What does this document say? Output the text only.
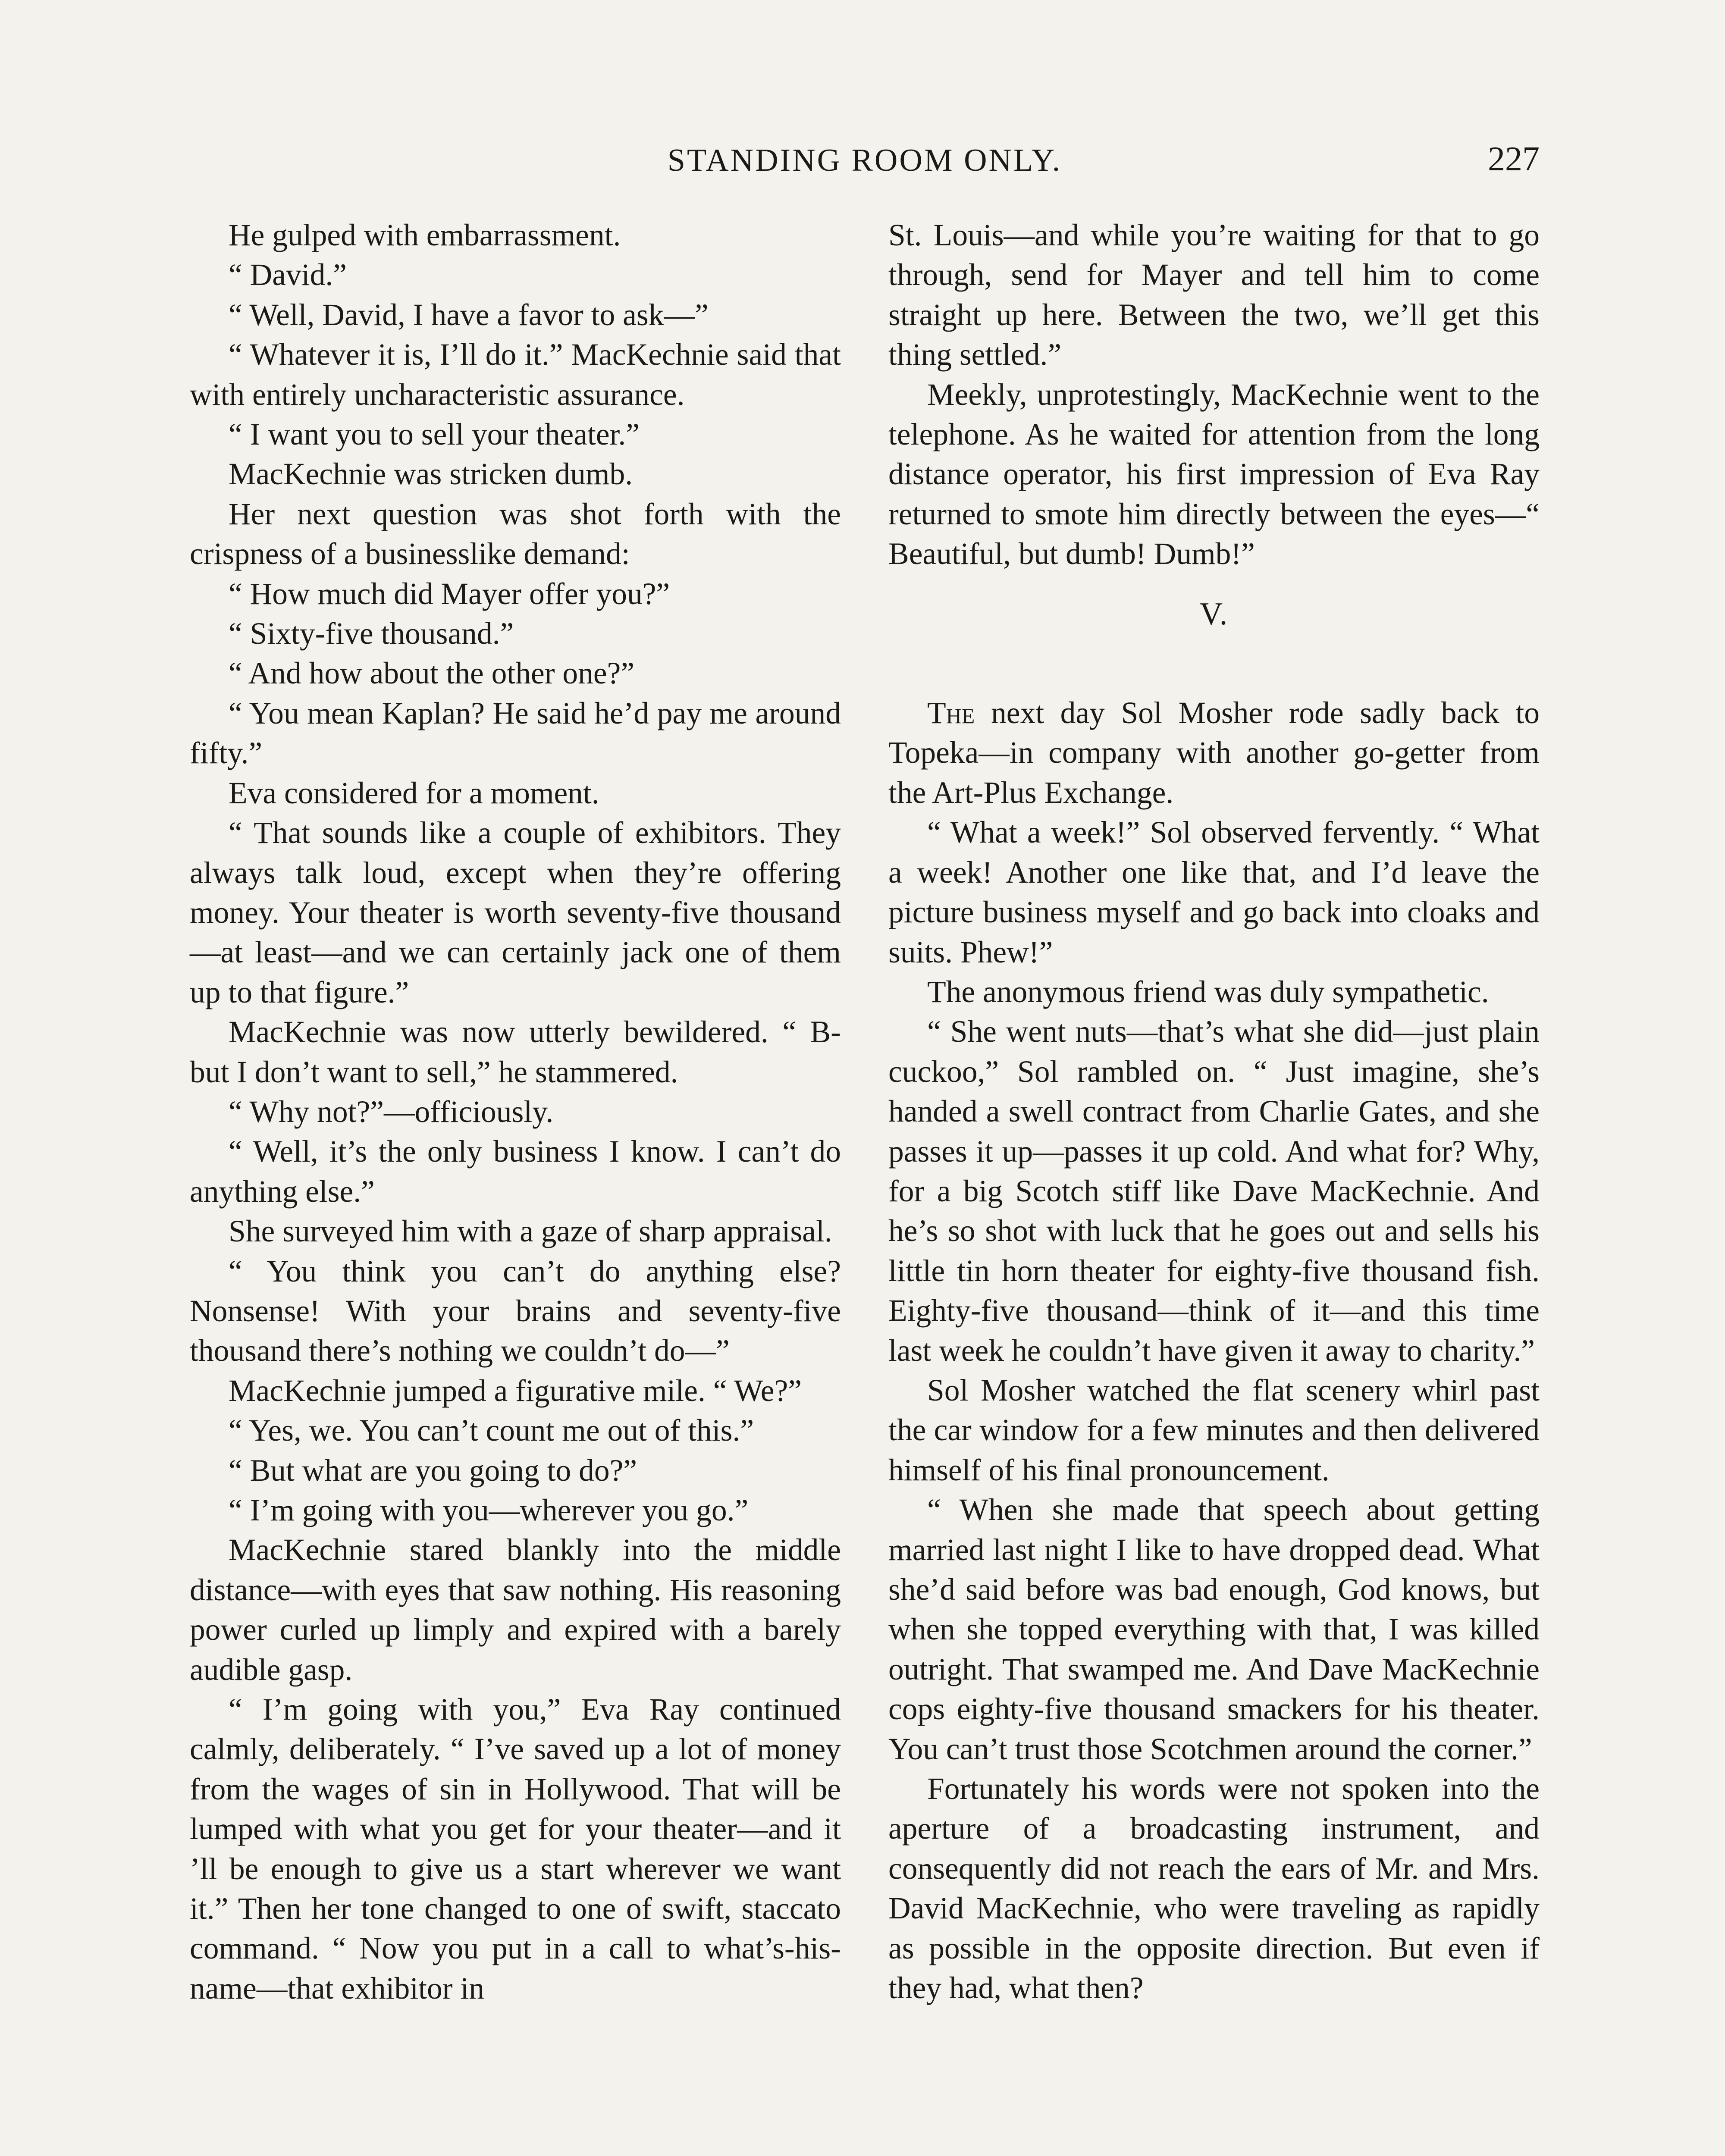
STANDING ROOM ONLY.	227

He gulped with embarrassment.

“ David.”

“ Well, David, I have a favor to ask—”

“ Whatever it is, I’ll do it.” MacKechnie said that with entirely uncharacteristic assurance.

“ I want you to sell your theater.”

MacKechnie was stricken dumb.

Her next question was shot forth with the crispness of a businesslike demand:

“ How much did Mayer offer you?”

“ Sixty-five thousand.”

“ And how about the other one?”

“ You mean Kaplan? He said he’d pay me around fifty.”

Eva considered for a moment.

“ That sounds like a couple of exhibitors. They always talk loud, except when they’re offering money. Your theater is worth seventy-five thousand—at least—and we can certainly jack one of them up to that figure.”

MacKechnie was now utterly bewildered. “ B-but I don’t want to sell,” he stammered.

“ Why not?”—officiously.

“ Well, it’s the only business I know. I can’t do anything else.”

She surveyed him with a gaze of sharp appraisal.

“ You think you can’t do anything else? Nonsense! With your brains and seventy-five thousand there’s nothing we couldn’t do—”

MacKechnie jumped a figurative mile. “ We?”

“ Yes, we. You can’t count me out of this.”

“ But what are you going to do?”

“ I’m going with you—wherever you go.”

MacKechnie stared blankly into the middle distance—with eyes that saw nothing. His reasoning power curled up limply and expired with a barely audible gasp.

“ I’m going with you,” Eva Ray continued calmly, deliberately. “ I’ve saved up a lot of money from the wages of sin in Hollywood. That will be lumped with what you get for your theater—and it ’ll be enough to give us a start wherever we want it.” Then her tone changed to one of swift, staccato command. “ Now you put in a call to what’s-his-name—that exhibitor in

St. Louis—and while you’re waiting for that to go through, send for Mayer and tell him to come straight up here. Between the two, we’ll get this thing settled.”

Meekly, unprotestingly, MacKechnie went to the telephone. As he waited for attention from the long distance operator, his first impression of Eva Ray returned to smote him directly between the eyes—“ Beautiful, but dumb! Dumb!”

V.

The next day Sol Mosher rode sadly back to Topeka—in company with another go-getter from the Art-Plus Exchange.

“ What a week!” Sol observed fervently. “ What a week! Another one like that, and I’d leave the picture business myself and go back into cloaks and suits. Phew!”

The anonymous friend was duly sympathetic.

“ She went nuts—that’s what she did—just plain cuckoo,” Sol rambled on. “ Just imagine, she’s handed a swell contract from Charlie Gates, and she passes it up—passes it up cold. And what for? Why, for a big Scotch stiff like Dave MacKechnie. And he’s so shot with luck that he goes out and sells his little tin horn theater for eighty-five thousand fish. Eighty-five thousand—think of it—and this time last week he couldn’t have given it away to charity.”

Sol Mosher watched the flat scenery whirl past the car window for a few minutes and then delivered himself of his final pronouncement.

“ When she made that speech about getting married last night I like to have dropped dead. What she’d said before was bad enough, God knows, but when she topped everything with that, I was killed outright. That swamped me. And Dave MacKechnie cops eighty-five thousand smackers for his theater. You can’t trust those Scotchmen around the corner.”

Fortunately his words were not spoken into the aperture of a broadcasting instrument, and consequently did not reach the ears of Mr. and Mrs. David MacKechnie, who were traveling as rapidly as possible in the opposite direction. But even if they had, what then?
